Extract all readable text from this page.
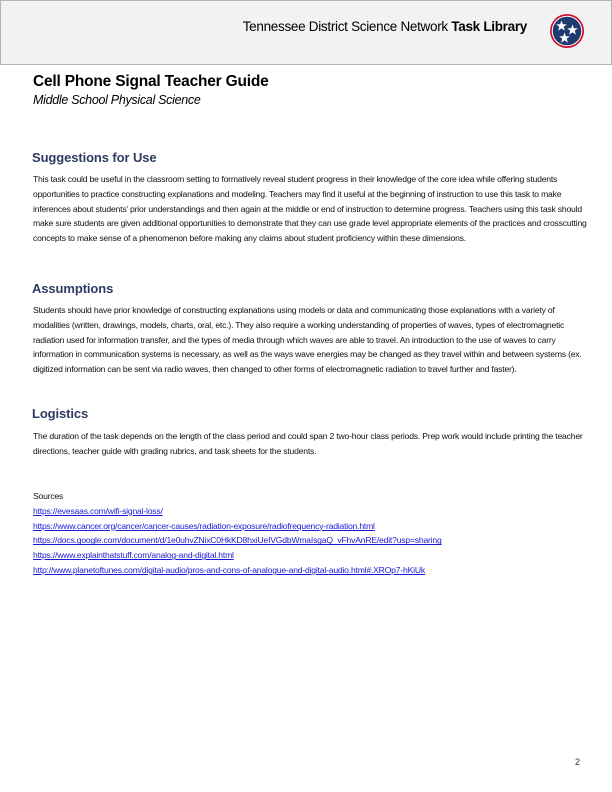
Tennessee District Science Network Task Library
Cell Phone Signal Teacher Guide
Middle School Physical Science
Suggestions for Use
This task could be useful in the classroom setting to formatively reveal student progress in their knowledge of the core idea while offering students opportunities to practice constructing explanations and modeling. Teachers may find it useful at the beginning of instruction to use this task to make inferences about students' prior understandings and then again at the middle or end of instruction to determine progress. Teachers using this task should make sure students are given additional opportunities to demonstrate that they can use grade level appropriate elements of the practices and crosscutting concepts to make sense of a phenomenon before making any claims about student proficiency within these dimensions.
Assumptions
Students should have prior knowledge of constructing explanations using models or data and communicating those explanations with a variety of modalities (written, drawings, models, charts, oral, etc.). They also require a working understanding of properties of waves, types of electromagnetic radiation used for information transfer, and the types of media through which waves are able to travel. An introduction to the use of waves to carry information in communication systems is necessary, as well as the ways wave energies may be changed as they travel within and between systems (ex. digitized information can be sent via radio waves, then changed to other forms of electromagnetic radiation to travel further and faster).
Logistics
The duration of the task depends on the length of the class period and could span 2 two-hour class periods. Prep work would include printing the teacher directions, teacher guide with grading rubrics, and task sheets for the students.
Sources
https://evesaas.com/wifi-signal-loss/
https://www.cancer.org/cancer/cancer-causes/radiation-exposure/radiofrequency-radiation.html
https://docs.google.com/document/d/1e0uhvZNixC0HkKD8hxiUeIVGdbWmaIsgaQ_vFhvAnRE/edit?usp=sharing
https://www.explainthatstuff.com/analog-and-digital.html
http://www.planetoftunes.com/digital-audio/pros-and-cons-of-analogue-and-digital-audio.html#.XROp7-hKiUk
2
